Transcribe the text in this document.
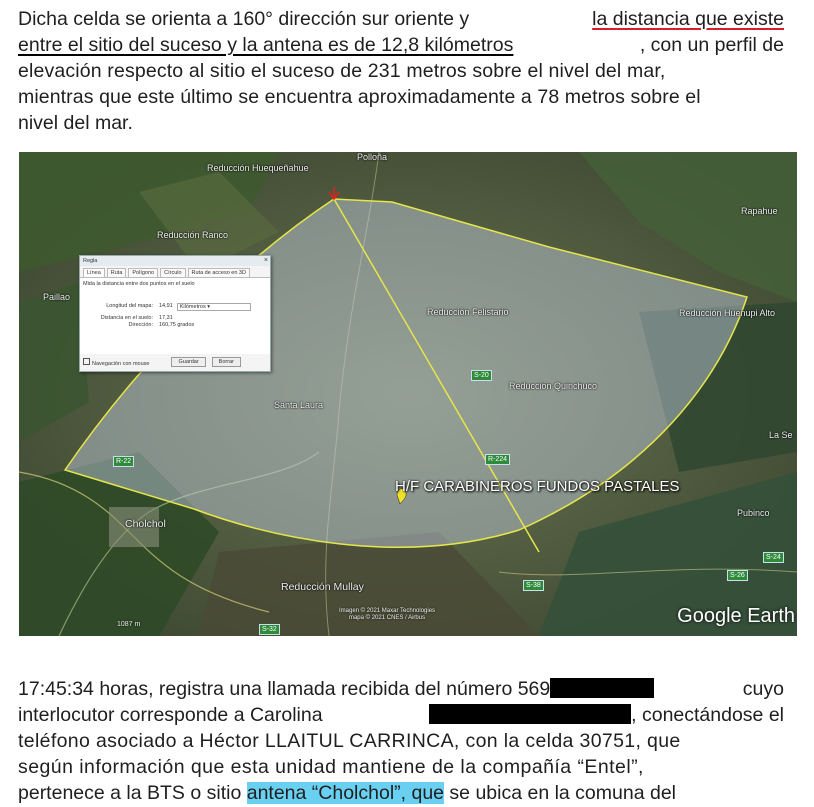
Dicha celda se orienta a 160° dirección sur oriente y	la distancia que existe
entre el sitio del suceso y la antena es de 12,8 kilómetros	, con un perfil de
elevación respecto al sitio el suceso de 231 metros sobre el nivel del mar,
mientras que este último se encuentra aproximadamente a 78 metros sobre el
nivel del mar.
Reducción Huequeñahue
Reducción Ranco
Santa Laura
Reducción Felistario
Reducción Quinchuco
Reducción Huenupi Alto
Cholchol
Reducción Mullay
Pubinco
La Se
Paillao
Rapahue
Polloña
R-22
S-20
R-224
S-38
S-26
S-32
S-24
H/F CARABINEROS FUNDOS PASTALES
Regla	×
Línea	Ruta	Polígono	Círculo	Ruta de acceso en 3D
Mida la distancia entre dos puntos en el suelo
Longitud del mapa:	14,91	Kilómetros ▾
Distancia en el suelo:	17,31
Dirección:	160,75 grados
Navegación con mouse	Guardar	Borrar
1087 m
Imagen © 2021 Maxar Technologies
mapa © 2021 CNES / Airbus	Google Earth
17:45:34 horas, registra una llamada recibida del número 569	cuyo
interlocutor corresponde a Carolina	, conectándose el
teléfono asociado a Héctor LLAITUL CARRINCA, con la celda 30751, que
según información que esta unidad mantiene de la compañía “Entel”,
pertenece a la BTS o sitio antena “Cholchol”, que se ubica en la comuna del
